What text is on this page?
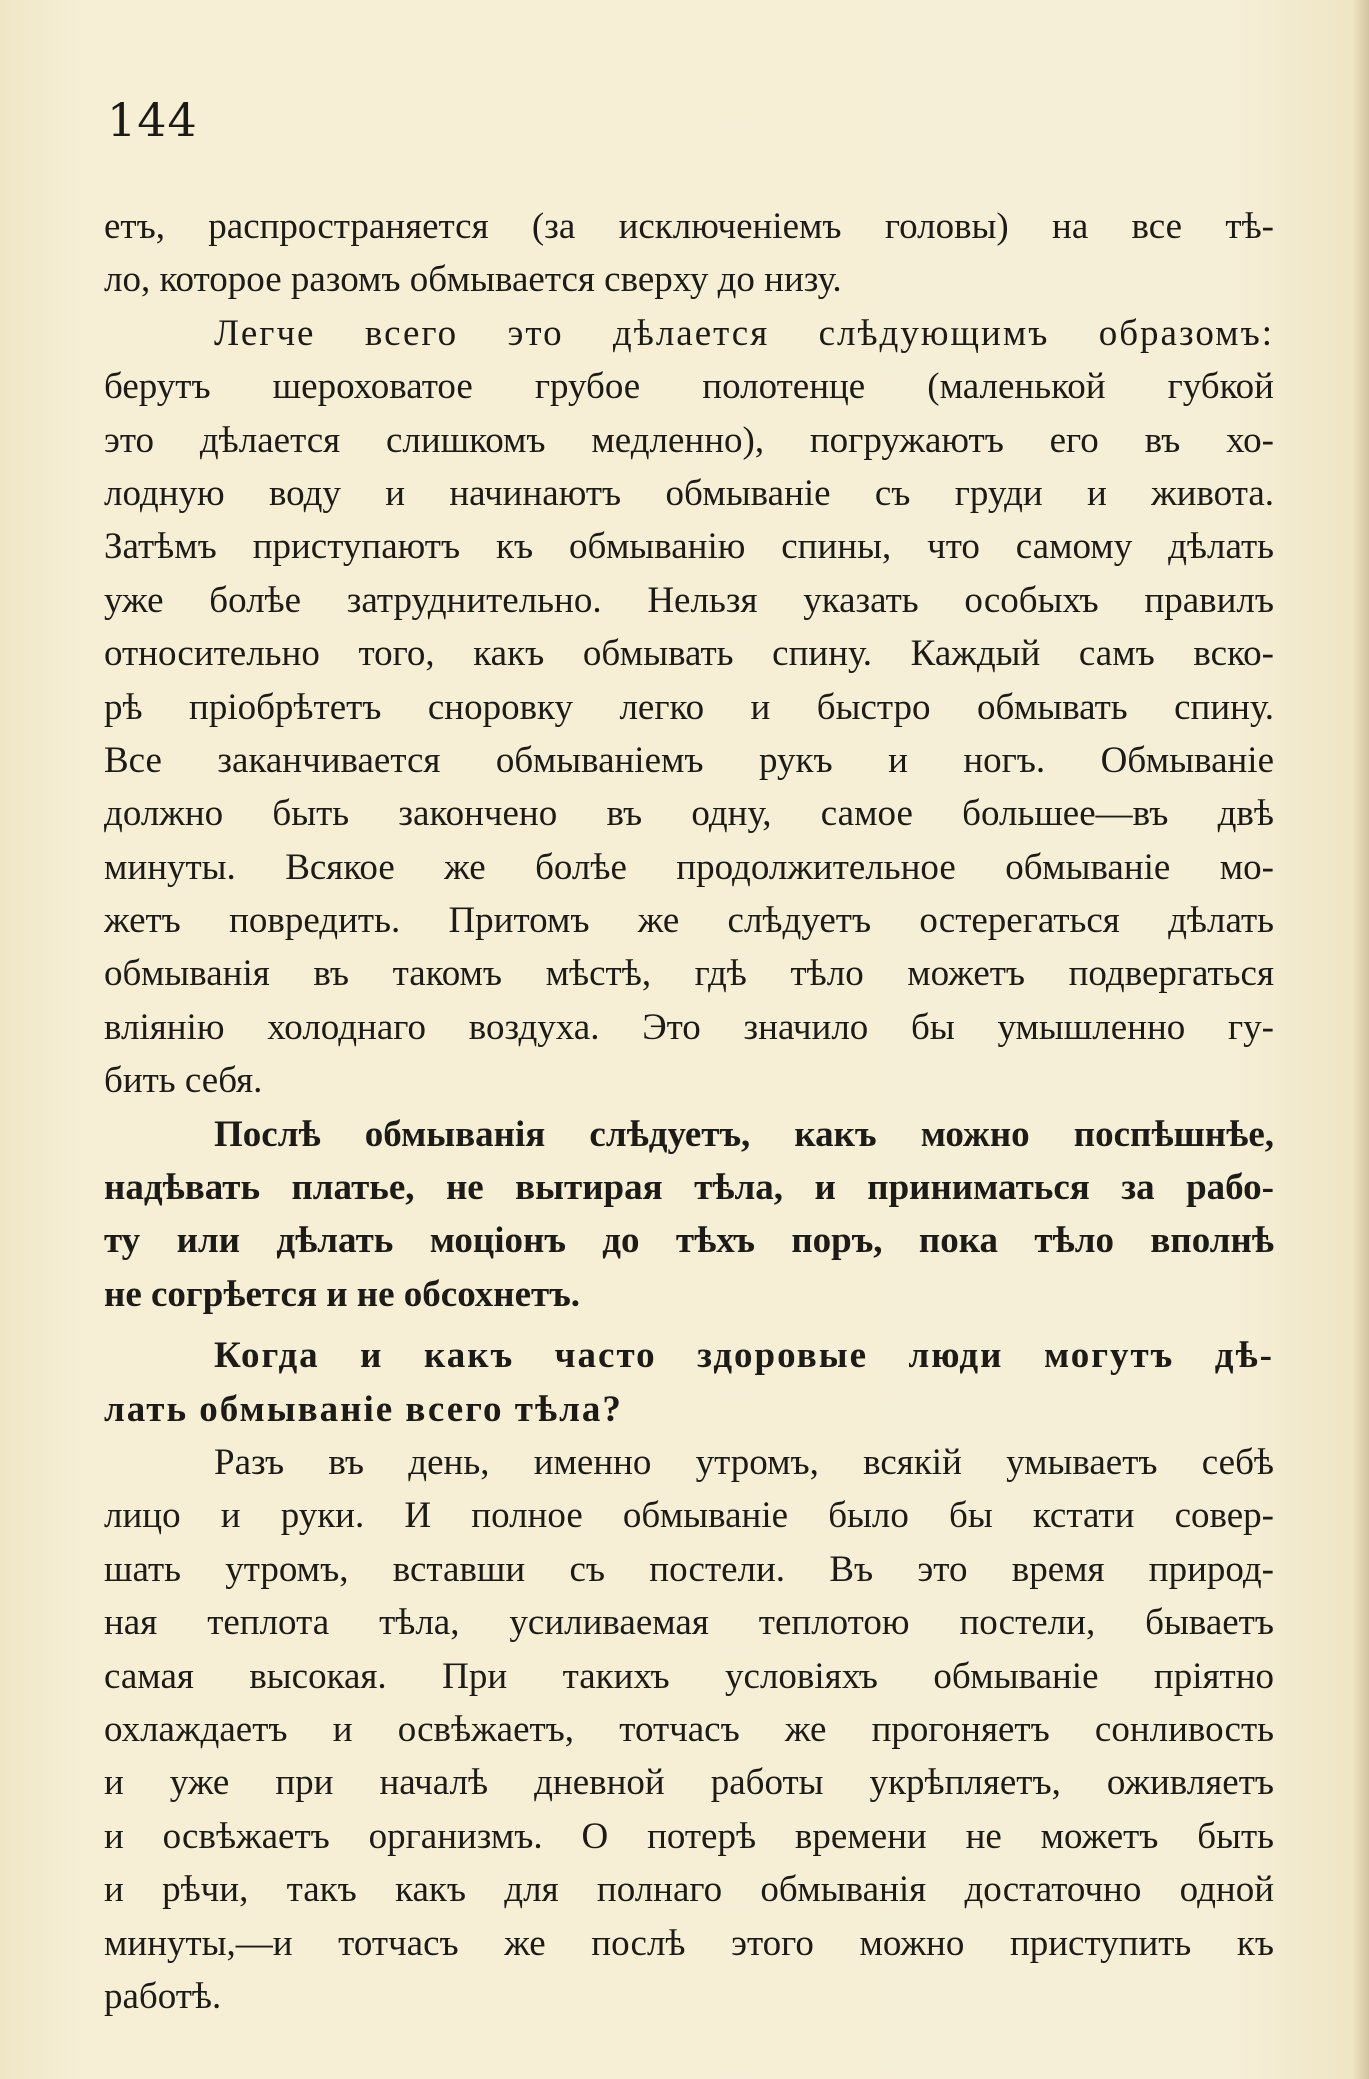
144
етъ, распространяется (за исключеніемъ головы) на все тѣ-
ло, которое разомъ обмывается сверху до низу.
Легче всего это дѣлается слѣдующимъ образомъ:
берутъ шероховатое грубое полотенце (маленькой губкой
это дѣлается слишкомъ медленно), погружаютъ его въ хо-
лодную воду и начинаютъ обмываніе съ груди и живота.
Затѣмъ приступаютъ къ обмыванію спины, что самому дѣлать
уже болѣе затруднительно. Нельзя указать особыхъ правилъ
относительно того, какъ обмывать спину. Каждый самъ вско-
рѣ пріобрѣтетъ сноровку легко и быстро обмывать спину.
Все заканчивается обмываніемъ рукъ и ногъ. Обмываніе
должно быть закончено въ одну, самое большее—въ двѣ
минуты. Всякое же болѣе продолжительное обмываніе мо-
жетъ повредить. Притомъ же слѣдуетъ остерегаться дѣлать
обмыванія въ такомъ мѣстѣ, гдѣ тѣло можетъ подвергаться
вліянію холоднаго воздуха. Это значило бы умышленно гу-
бить себя.
Послѣ обмыванія слѣдуетъ, какъ можно поспѣшнѣе,
надѣвать платье, не вытирая тѣла, и приниматься за рабо-
ту или дѣлать моціонъ до тѣхъ поръ, пока тѣло вполнѣ
не согрѣется и не обсохнетъ.
Когда и какъ часто здоровые люди могутъ дѣ-
лать обмываніе всего тѣла?
Разъ въ день, именно утромъ, всякій умываетъ себѣ
лицо и руки. И полное обмываніе было бы кстати совер-
шать утромъ, вставши съ постели. Въ это время природ-
ная теплота тѣла, усиливаемая теплотою постели, бываетъ
самая высокая. При такихъ условіяхъ обмываніе пріятно
охлаждаетъ и освѣжаетъ, тотчасъ же прогоняетъ сонливость
и уже при началѣ дневной работы укрѣпляетъ, оживляетъ
и освѣжаетъ организмъ. О потерѣ времени не можетъ быть
и рѣчи, такъ какъ для полнаго обмыванія достаточно одной
минуты,—и тотчасъ же послѣ этого можно приступить къ
работѣ.
